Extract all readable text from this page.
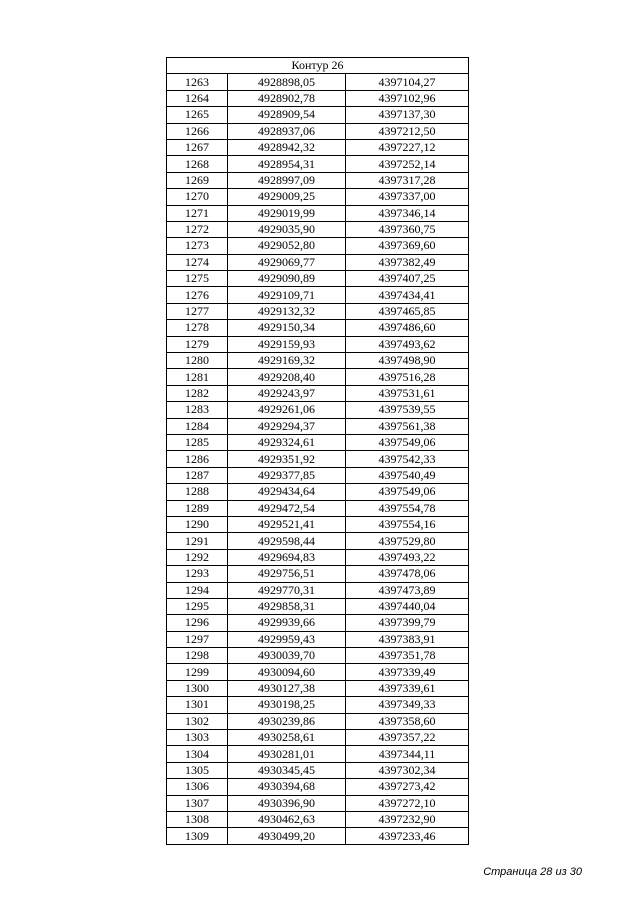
Контур 26		
1263	4928898,05	4397104,27
1264	4928902,78	4397102,96
1265	4928909,54	4397137,30
1266	4928937,06	4397212,50
1267	4928942,32	4397227,12
1268	4928954,31	4397252,14
1269	4928997,09	4397317,28
1270	4929009,25	4397337,00
1271	4929019,99	4397346,14
1272	4929035,90	4397360,75
1273	4929052,80	4397369,60
1274	4929069,77	4397382,49
1275	4929090,89	4397407,25
1276	4929109,71	4397434,41
1277	4929132,32	4397465,85
1278	4929150,34	4397486,60
1279	4929159,93	4397493,62
1280	4929169,32	4397498,90
1281	4929208,40	4397516,28
1282	4929243,97	4397531,61
1283	4929261,06	4397539,55
1284	4929294,37	4397561,38
1285	4929324,61	4397549,06
1286	4929351,92	4397542,33
1287	4929377,85	4397540,49
1288	4929434,64	4397549,06
1289	4929472,54	4397554,78
1290	4929521,41	4397554,16
1291	4929598,44	4397529,80
1292	4929694,83	4397493,22
1293	4929756,51	4397478,06
1294	4929770,31	4397473,89
1295	4929858,31	4397440,04
1296	4929939,66	4397399,79
1297	4929959,43	4397383,91
1298	4930039,70	4397351,78
1299	4930094,60	4397339,49
1300	4930127,38	4397339,61
1301	4930198,25	4397349,33
1302	4930239,86	4397358,60
1303	4930258,61	4397357,22
1304	4930281,01	4397344,11
1305	4930345,45	4397302,34
1306	4930394,68	4397273,42
1307	4930396,90	4397272,10
1308	4930462,63	4397232,90
1309	4930499,20	4397233,46
Страница 28 из 30
